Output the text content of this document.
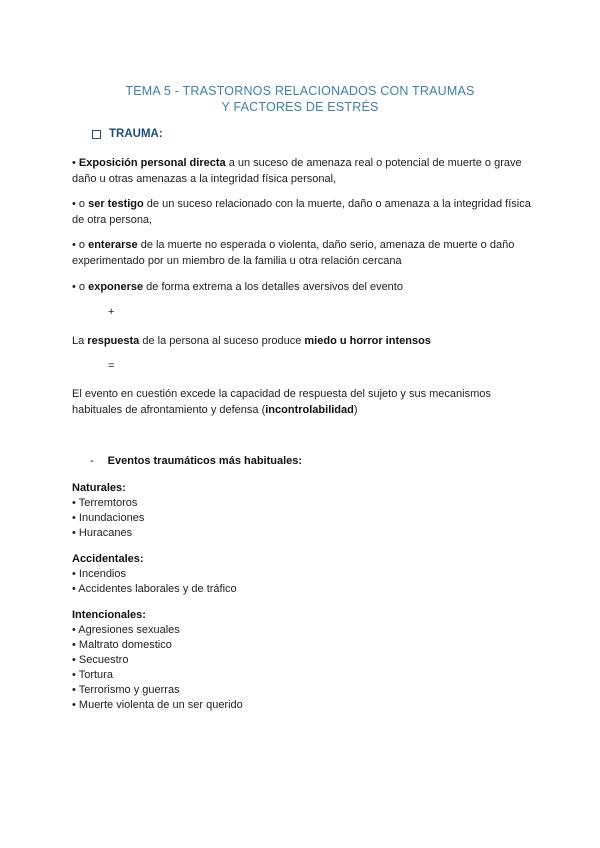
TEMA 5 - TRASTORNOS RELACIONADOS CON TRAUMAS
Y FACTORES DE ESTRÉS
TRAUMA:
• Exposición personal directa a un suceso de amenaza real o potencial de muerte o grave daño u otras amenazas a la integridad física personal,
• o ser testigo de un suceso relacionado con la muerte, daño o amenaza a la integridad física de otra persona,
• o enterarse de la muerte no esperada o violenta, daño serio, amenaza de muerte o daño experimentado por un miembro de la familia u otra relación cercana
• o exponerse de forma extrema a los detalles aversivos del evento
+
La respuesta de la persona al suceso produce miedo u horror intensos
=
El evento en cuestión excede la capacidad de respuesta del sujeto y sus mecanismos habituales de afrontamiento y defensa (incontrolabilidad)
- Eventos traumáticos más habituales:
Naturales:
• Terremtoros
• Inundaciones
• Huracanes
Accidentales:
• Incendios
• Accidentes laborales y de tráfico
Intencionales:
• Agresiones sexuales
• Maltrato domestico
• Secuestro
• Tortura
• Terrorismo y guerras
• Muerte violenta de un ser querido
